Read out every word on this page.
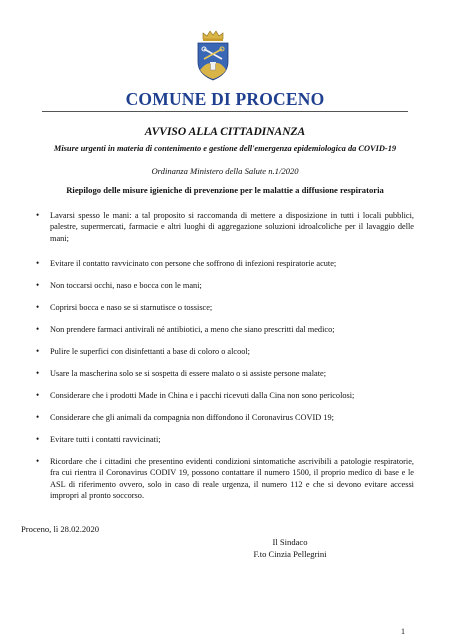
COMUNE DI PROCENO
AVVISO ALLA CITTADINANZA
Misure urgenti in materia di contenimento e gestione dell'emergenza epidemiologica da COVID-19
Ordinanza Ministero della Salute n.1/2020
Riepilogo delle misure igieniche di prevenzione per le malattie a diffusione respiratoria
• Lavarsi spesso le mani: a tal proposito si raccomanda di mettere a disposizione in tutti i locali pubblici, palestre, supermercati, farmacie e altri luoghi di aggregazione soluzioni idroalcoliche per il lavaggio delle mani;
• Evitare il contatto ravvicinato con persone che soffrono di infezioni respiratorie acute;
• Non toccarsi occhi, naso e bocca con le mani;
• Coprirsi bocca e naso se si starnutisce o tossisce;
• Non prendere farmaci antivirali né antibiotici, a meno che siano prescritti dal medico;
• Pulire le superfici con disinfettanti a base di coloro o alcool;
• Usare la mascherina solo se si sospetta di essere malato o si assiste persone malate;
• Considerare che i prodotti Made in China e i pacchi ricevuti dalla Cina non sono pericolosi;
• Considerare che gli animali da compagnia non diffondono il Coronavirus COVID 19;
• Evitare tutti i contatti ravvicinati;
• Ricordare che i cittadini che presentino evidenti condizioni sintomatiche ascrivibili a patologie respiratorie, fra cui rientra il Coronavirus CODIV 19, possono contattare il numero 1500, il proprio medico di base e le ASL di riferimento ovvero, solo in caso di reale urgenza, il numero 112 e che si devono evitare accessi impropri al pronto soccorso.
Proceno, lì 28.02.2020
Il Sindaco
F.to Cinzia Pellegrini
1
